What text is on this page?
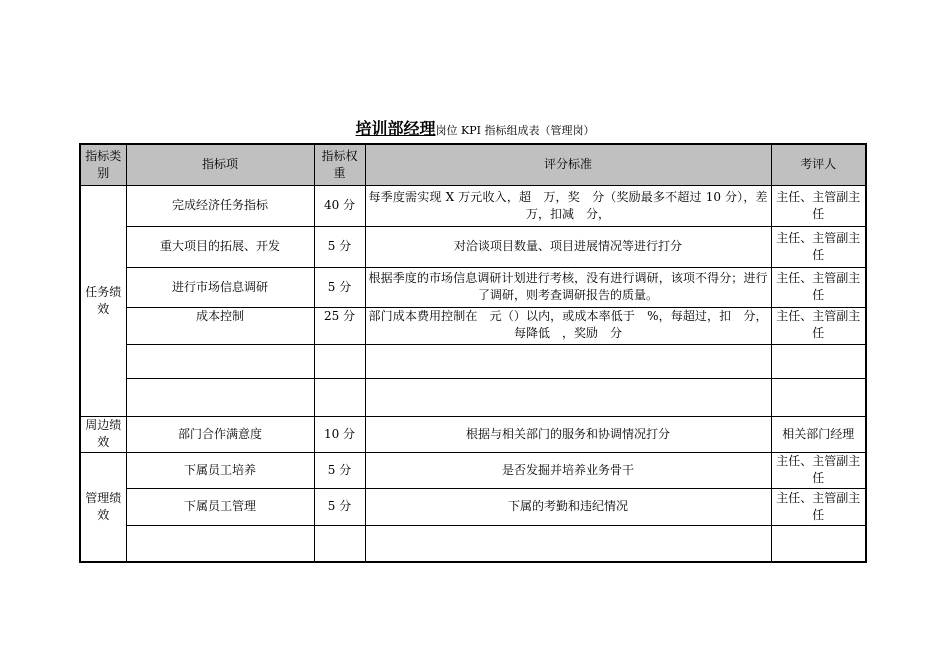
培训部经理岗位 KPI 指标组成表（管理岗）
指标类别	指标项	指标权重	评分标准	考评人
任务绩效	完成经济任务指标	40 分	每季度需实现 X 万元收入，超　万，奖　分（奖励最多不超过 10 分），差　万，扣减　分，	主任、主管副主任
	重大项目的拓展、开发	5 分	对洽谈项目数量、项目进展情况等进行打分	主任、主管副主任
	进行市场信息调研	5 分	根据季度的市场信息调研计划进行考核，没有进行调研，该项不得分；进行了调研，则考查调研报告的质量。	主任、主管副主任
	成本控制	25 分	部门成本费用控制在　元（）以内，或成本率低于　%，每超过，扣　分，每降低　，奖励　分	主任、主管副主任

周边绩效	部门合作满意度	10 分	根据与相关部门的服务和协调情况打分	相关部门经理
管理绩效	下属员工培养	5 分	是否发掘并培养业务骨干	主任、主管副主任
	下属员工管理	5 分	下属的考勤和违纪情况	主任、主管副主任
